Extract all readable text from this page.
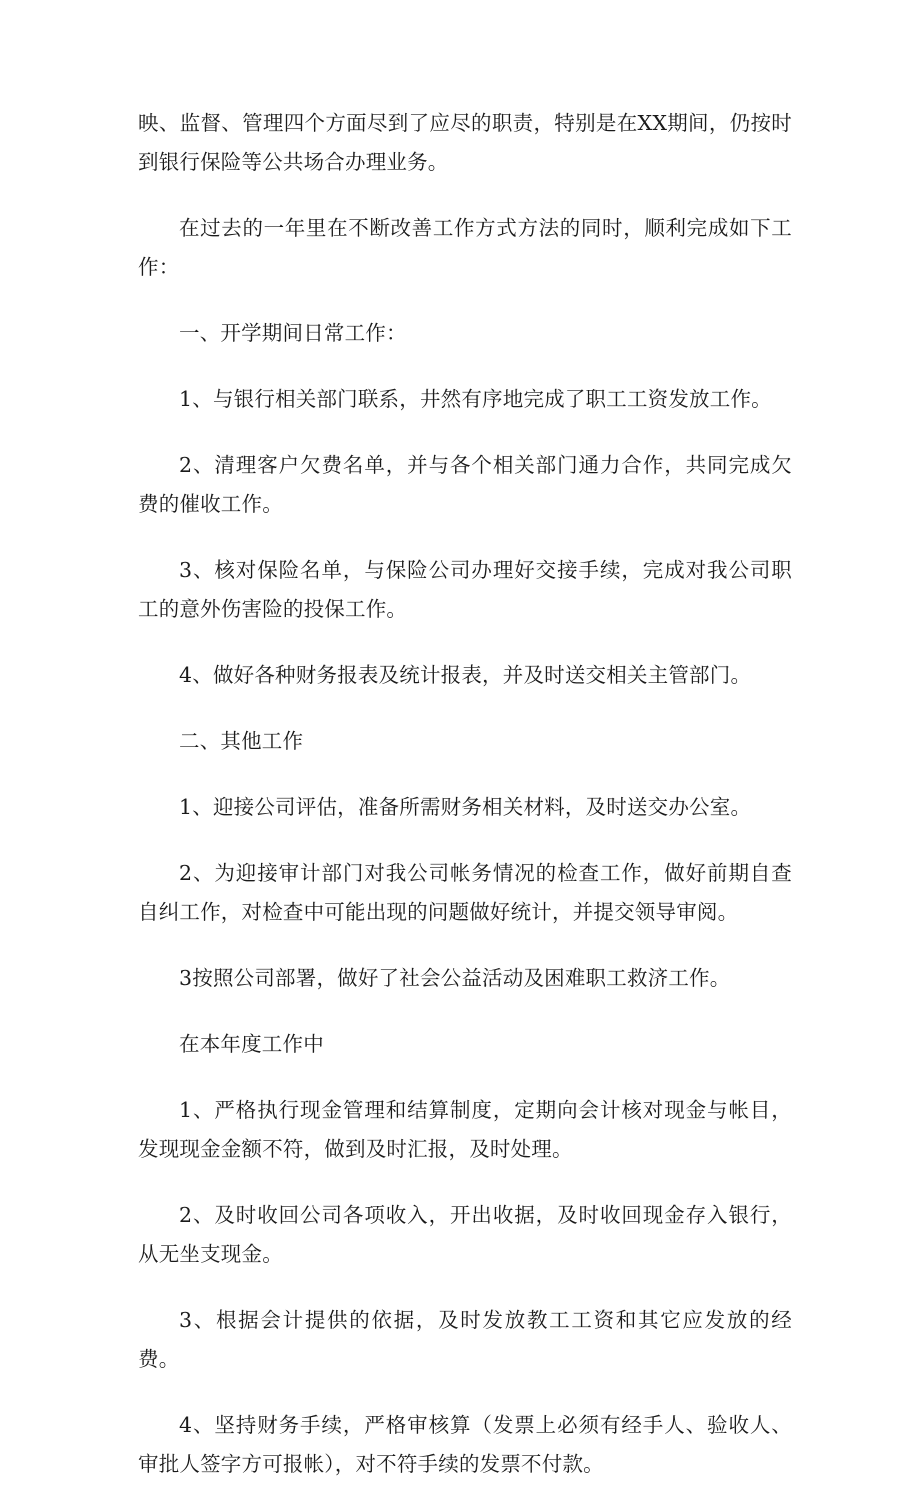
映、监督、管理四个方面尽到了应尽的职责，特别是在XX期间，仍按时到银行保险等公共场合办理业务。

在过去的一年里在不断改善工作方式方法的同时，顺利完成如下工作：

一、开学期间日常工作：

1、与银行相关部门联系，井然有序地完成了职工工资发放工作。

2、清理客户欠费名单，并与各个相关部门通力合作，共同完成欠费的催收工作。

3、核对保险名单，与保险公司办理好交接手续，完成对我公司职工的意外伤害险的投保工作。

4、做好各种财务报表及统计报表，并及时送交相关主管部门。

二、其他工作

1、迎接公司评估，准备所需财务相关材料，及时送交办公室。

2、为迎接审计部门对我公司帐务情况的检查工作，做好前期自查自纠工作，对检查中可能出现的问题做好统计，并提交领导审阅。

3按照公司部署，做好了社会公益活动及困难职工救济工作。

在本年度工作中

1、严格执行现金管理和结算制度，定期向会计核对现金与帐目，发现现金金额不符，做到及时汇报，及时处理。

2、及时收回公司各项收入，开出收据，及时收回现金存入银行，从无坐支现金。

3、根据会计提供的依据，及时发放教工工资和其它应发放的经费。

4、坚持财务手续，严格审核算（发票上必须有经手人、验收人、审批人签字方可报帐），对不符手续的发票不付款。
